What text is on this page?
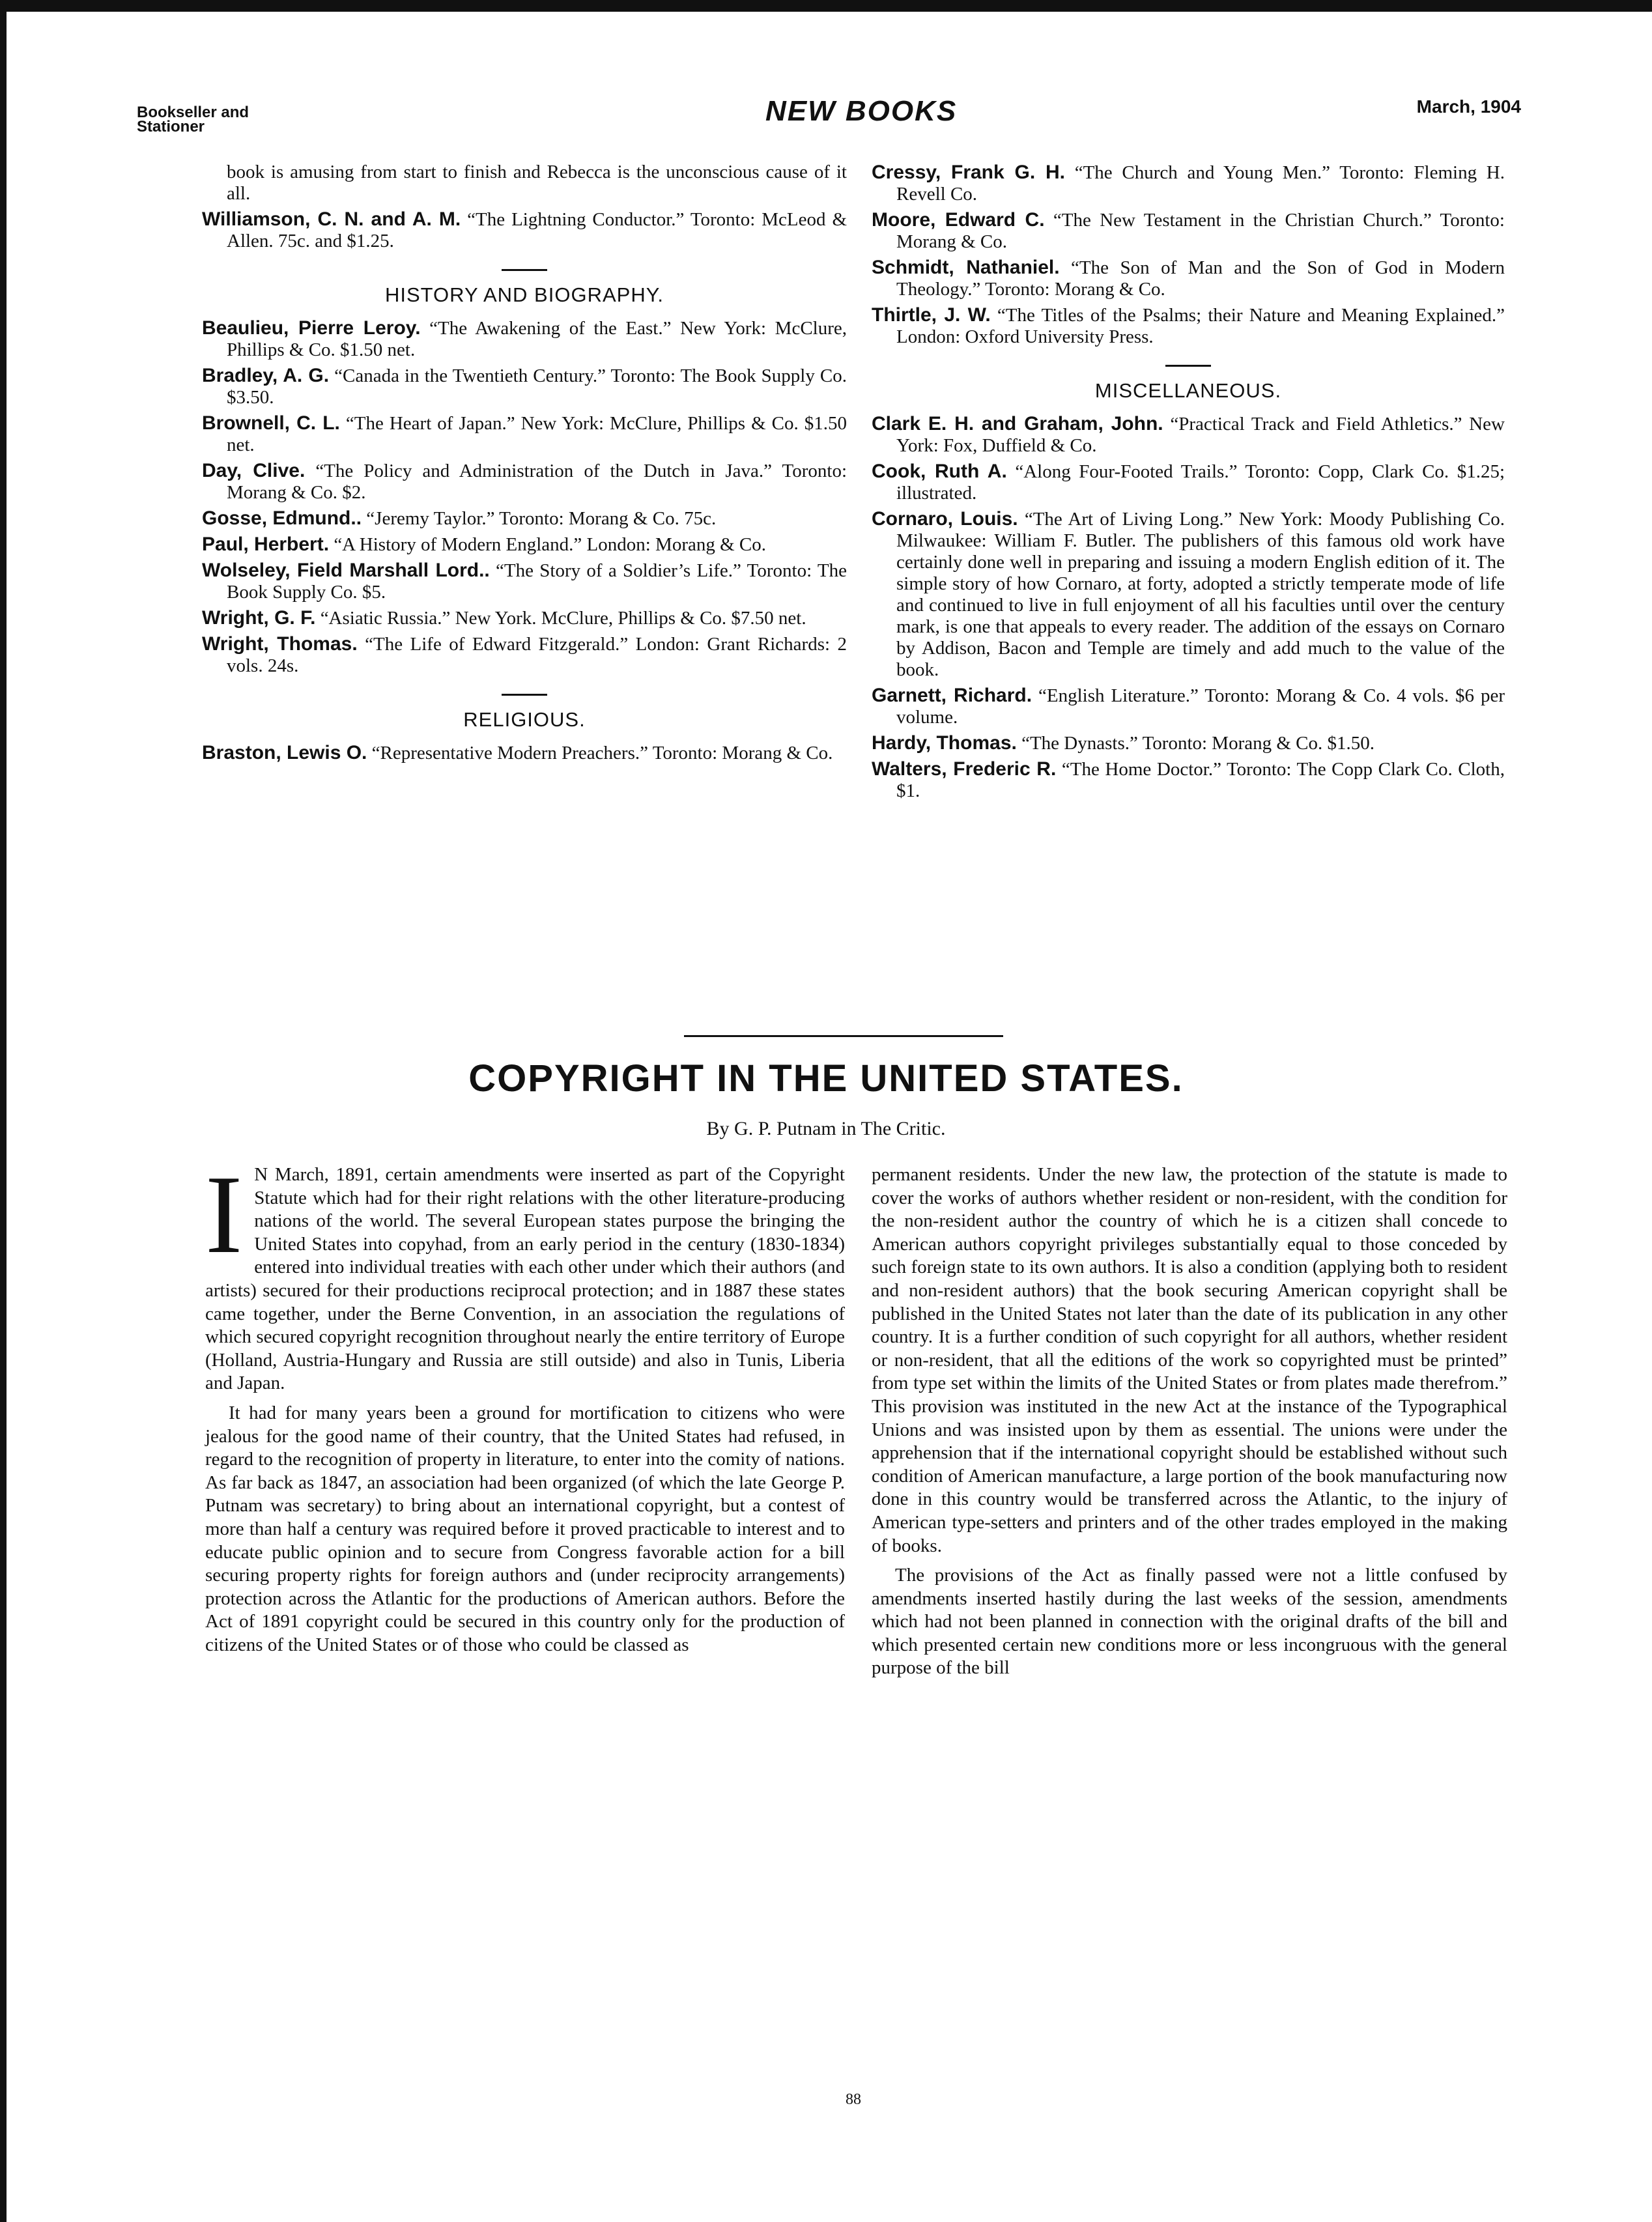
Bookseller and
Stationer	NEW BOOKS	March, 1904
book is amusing from start to finish and Rebecca is the unconscious cause of it all.
Williamson, C. N. and A. M. “The Lightning Conductor.” Toronto: McLeod & Allen. 75c. and $1.25.
HISTORY AND BIOGRAPHY.
Beaulieu, Pierre Leroy. “The Awakening of the East.” New York: McClure, Phillips & Co. $1.50 net.
Bradley, A. G. “Canada in the Twentieth Century.” Toronto: The Book Supply Co. $3.50.
Brownell, C. L. “The Heart of Japan.” New York: McClure, Phillips & Co. $1.50 net.
Day, Clive. “The Policy and Administration of the Dutch in Java.” Toronto: Morang & Co. $2.
Gosse, Edmund.. “Jeremy Taylor.” Toronto: Morang & Co. 75c.
Paul, Herbert. “A History of Modern England.” London: Morang & Co.
Wolseley, Field Marshall Lord.. “The Story of a Soldier’s Life.” Toronto: The Book Supply Co. $5.
Wright, G. F. “Asiatic Russia.” New York. McClure, Phillips & Co. $7.50 net.
Wright, Thomas. “The Life of Edward Fitzgerald.” London: Grant Richards: 2 vols. 24s.
RELIGIOUS.
Braston, Lewis O. “Representative Modern Preachers.” Toronto: Morang & Co.
Cressy, Frank G. H. “The Church and Young Men.” Toronto: Fleming H. Revell Co.
Moore, Edward C. “The New Testament in the Christian Church.” Toronto: Morang & Co.
Schmidt, Nathaniel. “The Son of Man and the Son of God in Modern Theology.” Toronto: Morang & Co.
Thirtle, J. W. “The Titles of the Psalms; their Nature and Meaning Explained.” London: Oxford University Press.
MISCELLANEOUS.
Clark E. H. and Graham, John. “Practical Track and Field Athletics.” New York: Fox, Duffield & Co.
Cook, Ruth A. “Along Four-Footed Trails.” Toronto: Copp, Clark Co. $1.25; illustrated.
Cornaro, Louis. “The Art of Living Long.” New York: Moody Publishing Co. Milwaukee: William F. Butler. The publishers of this famous old work have certainly done well in preparing and issuing a modern English edition of it. The simple story of how Cornaro, at forty, adopted a strictly temperate mode of life and continued to live in full enjoyment of all his faculties until over the century mark, is one that appeals to every reader. The addition of the essays on Cornaro by Addison, Bacon and Temple are timely and add much to the value of the book.
Garnett, Richard. “English Literature.” Toronto: Morang & Co. 4 vols. $6 per volume.
Hardy, Thomas. “The Dynasts.” Toronto: Morang & Co. $1.50.
Walters, Frederic R. “The Home Doctor.” Toronto: The Copp Clark Co. Cloth, $1.
COPYRIGHT IN THE UNITED STATES.
By G. P. Putnam in The Critic.

I N March, 1891, certain amendments were inserted as part of the Copyright Statute which had for their right relations with the other literature-producing nations of the world. The several European states purpose the bringing the United States into copyhad, from an early period in the century (1830-1834) entered into individual treaties with each other under which their authors (and artists) secured for their productions reciprocal protection; and in 1887 these states came together, under the Berne Convention, in an association the regulations of which secured copyright recognition throughout nearly the entire territory of Europe (Holland, Austria-Hungary and Russia are still outside) and also in Tunis, Liberia and Japan.

It had for many years been a ground for mortification to citizens who were jealous for the good name of their country, that the United States had refused, in regard to the recognition of property in literature, to enter into the comity of nations. As far back as 1847, an association had been organized (of which the late George P. Putnam was secretary) to bring about an international copyright, but a contest of more than half a century was required before it proved practicable to interest and to educate public opinion and to secure from Congress favorable action for a bill securing property rights for foreign authors and (under reciprocity arrangements) protection across the Atlantic for the productions of American authors. Before the Act of 1891 copyright could be secured in this country only for the production of citizens of the United States or of those who could be classed as

permanent residents. Under the new law, the protection of the statute is made to cover the works of authors whether resident or non-resident, with the condition for the non-resident author the country of which he is a citizen shall concede to American authors copyright privileges substantially equal to those conceded by such foreign state to its own authors. It is also a condition (applying both to resident and non-resident authors) that the book securing American copyright shall be published in the United States not later than the date of its publication in any other country. It is a further condition of such copyright for all authors, whether resident or non-resident, that all the editions of the work so copyrighted must be printed” from type set within the limits of the United States or from plates made therefrom.” This provision was instituted in the new Act at the instance of the Typographical Unions and was insisted upon by them as essential. The unions were under the apprehension that if the international copyright should be established without such condition of American manufacture, a large portion of the book manufacturing now done in this country would be transferred across the Atlantic, to the injury of American type-setters and printers and of the other trades employed in the making of books.

The provisions of the Act as finally passed were not a little confused by amendments inserted hastily during the last weeks of the session, amendments which had not been planned in connection with the original drafts of the bill and which presented certain new conditions more or less incongruous with the general purpose of the bill

88
